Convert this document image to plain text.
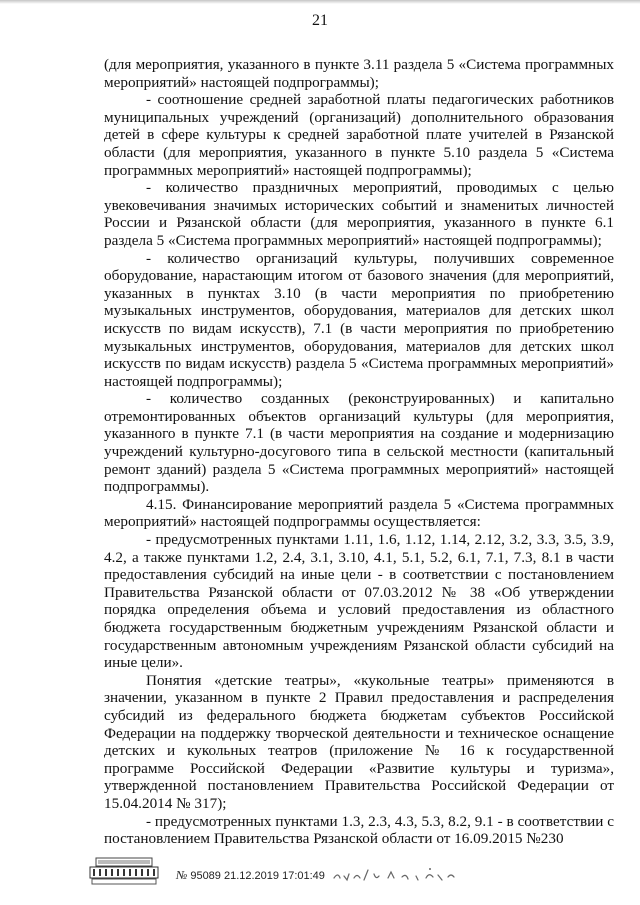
21

(для мероприятия, указанного в пункте 3.11 раздела 5 «Система программных мероприятий» настоящей подпрограммы);

- соотношение средней заработной платы педагогических работников муниципальных учреждений (организаций) дополнительного образования детей в сфере культуры к средней заработной плате учителей в Рязанской области (для мероприятия, указанного в пункте 5.10 раздела 5 «Система программных мероприятий» настоящей подпрограммы);

- количество праздничных мероприятий, проводимых с целью увековечивания значимых исторических событий и знаменитых личностей России и Рязанской области (для мероприятия, указанного в пункте 6.1 раздела 5 «Система программных мероприятий» настоящей подпрограммы);

- количество организаций культуры, получивших современное оборудование, нарастающим итогом от базового значения (для мероприятий, указанных в пунктах 3.10 (в части мероприятия по приобретению музыкальных инструментов, оборудования, материалов для детских школ искусств по видам искусств), 7.1 (в части мероприятия по приобретению музыкальных инструментов, оборудования, материалов для детских школ искусств по видам искусств) раздела 5 «Система программных мероприятий» настоящей подпрограммы);

- количество созданных (реконструированных) и капитально отремонтированных объектов организаций культуры (для мероприятия, указанного в пункте 7.1 (в части мероприятия на создание и модернизацию учреждений культурно-досугового типа в сельской местности (капитальный ремонт зданий) раздела 5 «Система программных мероприятий» настоящей подпрограммы).

4.15. Финансирование мероприятий раздела 5 «Система программных мероприятий» настоящей подпрограммы осуществляется:

- предусмотренных пунктами 1.11, 1.6, 1.12, 1.14, 2.12, 3.2, 3.3, 3.5, 3.9, 4.2, а также пунктами 1.2, 2.4, 3.1, 3.10, 4.1, 5.1, 5.2, 6.1, 7.1, 7.3, 8.1 в части предоставления субсидий на иные цели - в соответствии с постановлением Правительства Рязанской области от 07.03.2012 № 38 «Об утверждении порядка определения объема и условий предоставления из областного бюджета государственным бюджетным учреждениям Рязанской области и государственным автономным учреждениям Рязанской области субсидий на иные цели».

Понятия «детские театры», «кукольные театры» применяются в значении, указанном в пункте 2 Правил предоставления и распределения субсидий из федерального бюджета бюджетам субъектов Российской Федерации на поддержку творческой деятельности и техническое оснащение детских и кукольных театров (приложение № 16 к государственной программе Российской Федерации «Развитие культуры и туризма», утвержденной постановлением Правительства Российской Федерации от 15.04.2014 № 317);

- предусмотренных пунктами 1.3, 2.3, 4.3, 5.3, 8.2, 9.1 - в соответствии с постановлением Правительства Рязанской области от 16.09.2015 №230

№ 95089 21.12.2019 17:01:49
